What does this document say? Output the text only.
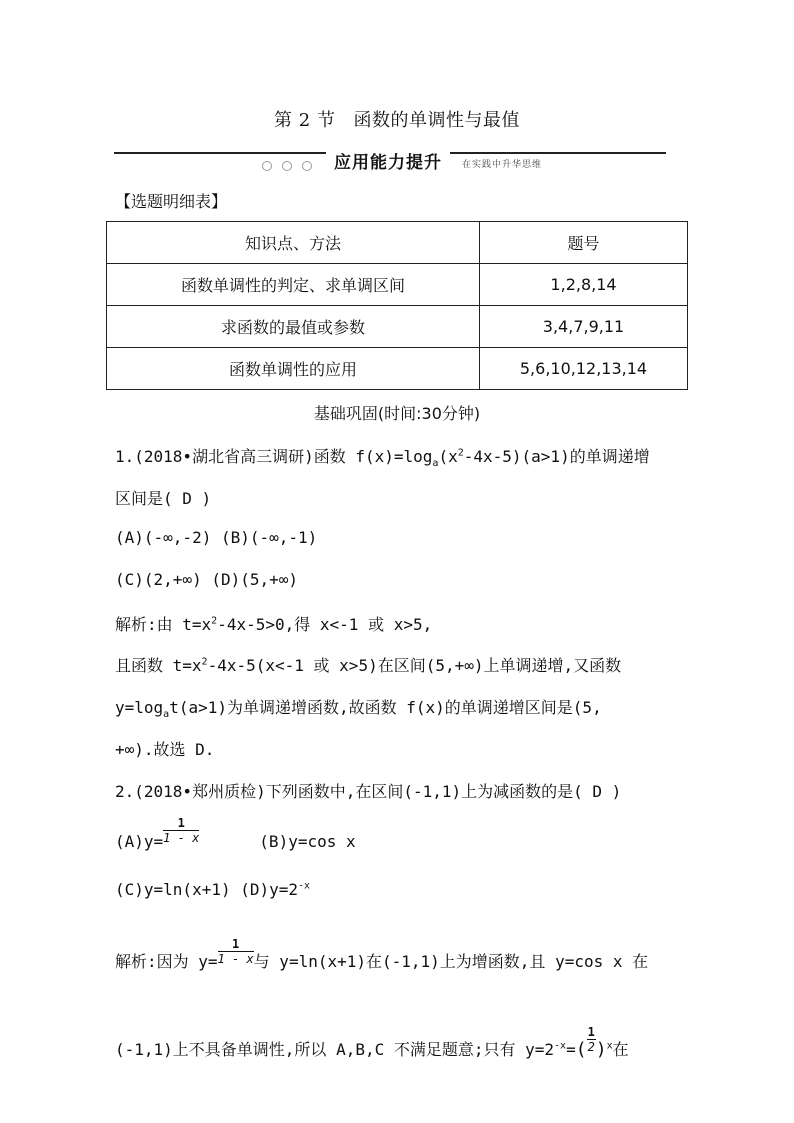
第 2 节 函数的单调性与最值
应用能力提升 在实践中升华思维
【选题明细表】
知识点、方法	题号
函数单调性的判定、求单调区间	1,2,8,14
求函数的最值或参数	3,4,7,9,11
函数单调性的应用	5,6,10,12,13,14
基础巩固(时间:30分钟)
1.(2018•湖北省高三调研)函数 $f(x)=\log_a(x^2-4x-5)(a>1)$的单调递增
区间是( D )
(A)(-∞,-2) (B)(-∞,-1)
(C)(2,+∞) (D)(5,+∞)
解析:由 $t=x^2-4x-5>0$,得 x<-1 或 x>5,
且函数 $t=x^2-4x-5(x<-1$ 或 x>5)在区间(5,+∞)上单调递增,又函数
$y=\log_at(a>1)$为单调递增函数,故函数 f(x)的单调递增区间是(5,
+∞).故选 D.
2.(2018•郑州质检)下列函数中,在区间(-1,1)上为减函数的是( D )
$(A)y= \frac{1}{1 - x}$	(B)y=cos x
(C)y=ln(x+1) $(D)y=2^{-x}$
解析:因为 $y= \frac{1}{1 - x}$ 与 y=ln(x+1)在(-1,1)上为增函数,且 y=cos x 在
(-1,1)上不具备单调性,所以 A,B,C 不满足题意;只有 $y=2^{-x}=( \frac{1}{2} )^x$在
